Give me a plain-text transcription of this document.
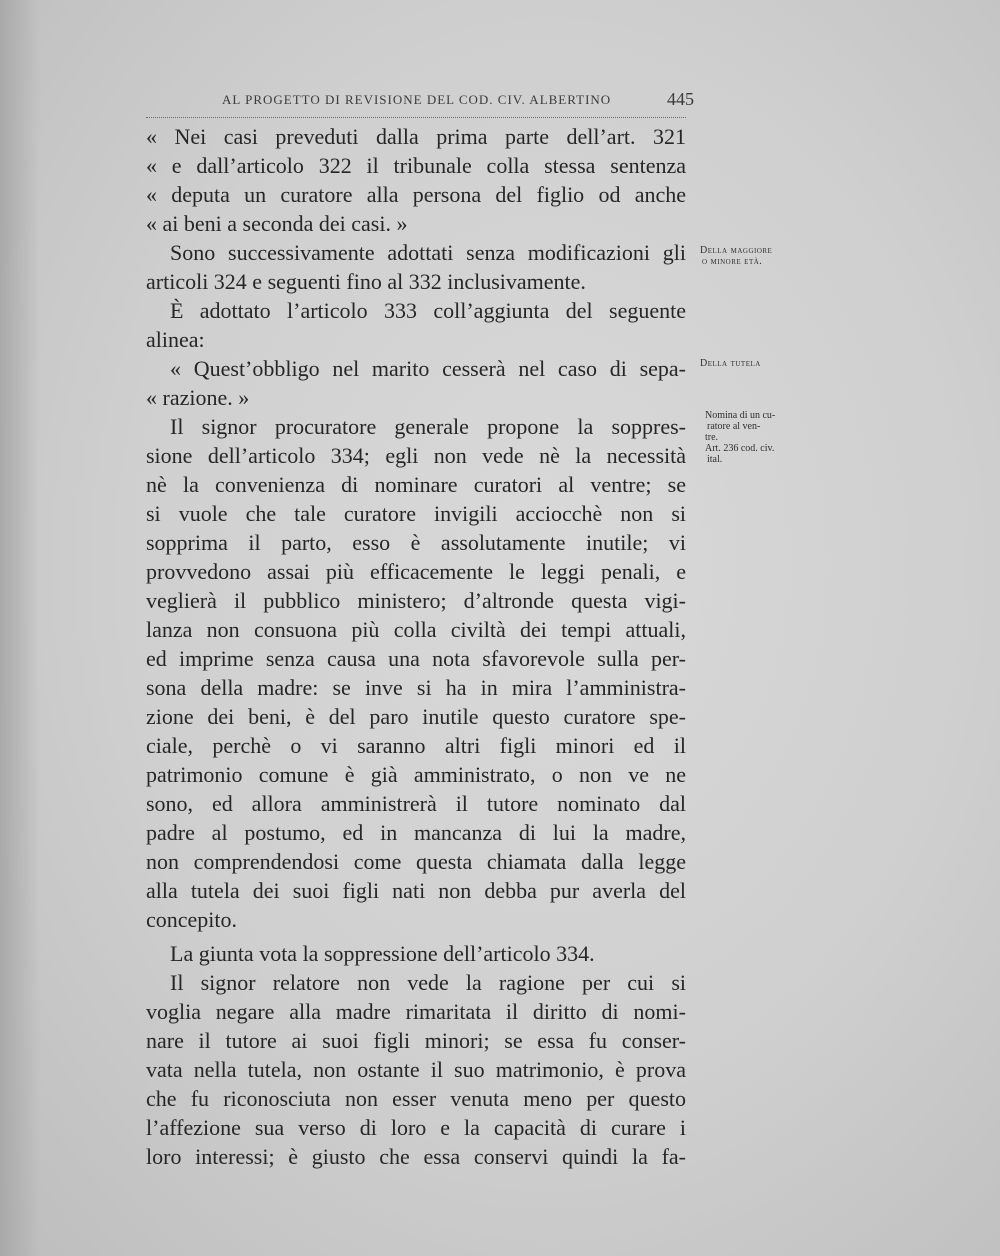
AL PROGETTO DI REVISIONE DEL COD. CIV. ALBERTINO	445
« Nei casi preveduti dalla prima parte dell’art. 321
« e dall’articolo 322 il tribunale colla stessa sentenza
« deputa un curatore alla persona del figlio od anche
« ai beni a seconda dei casi. »
Sono successivamente adottati senza modificazioni gli
articoli 324 e seguenti fino al 332 inclusivamente.
È adottato l’articolo 333 coll’aggiunta del seguente
alinea:
« Quest’obbligo nel marito cesserà nel caso di sepa-
« razione. »
Il signor procuratore generale propone la soppres-
sione dell’articolo 334; egli non vede nè la necessità
nè la convenienza di nominare curatori al ventre; se
si vuole che tale curatore invigili acciocchè non si
sopprima il parto, esso è assolutamente inutile; vi
provvedono assai più efficacemente le leggi penali, e
veglierà il pubblico ministero; d’altronde questa vigi-
lanza non consuona più colla civiltà dei tempi attuali,
ed imprime senza causa una nota sfavorevole sulla per-
sona della madre: se inve si ha in mira l’amministra-
zione dei beni, è del paro inutile questo curatore spe-
ciale, perchè o vi saranno altri figli minori ed il
patrimonio comune è già amministrato, o non ve ne
sono, ed allora amministrerà il tutore nominato dal
padre al postumo, ed in mancanza di lui la madre,
non comprendendosi come questa chiamata dalla legge
alla tutela dei suoi figli nati non debba pur averla del
concepito.
La giunta vota la soppressione dell’articolo 334.
Il signor relatore non vede la ragione per cui si
voglia negare alla madre rimaritata il diritto di nomi-
nare il tutore ai suoi figli minori; se essa fu conser-
vata nella tutela, non ostante il suo matrimonio, è prova
che fu riconosciuta non esser venuta meno per questo
l’affezione sua verso di loro e la capacità di curare i
loro interessi; è giusto che essa conservi quindi la fa-
Della maggiore
o minore età.
Della tutela
Nomina di un cu-
ratore al ven-
tre.
Art. 236 cod. civ.
ital.
